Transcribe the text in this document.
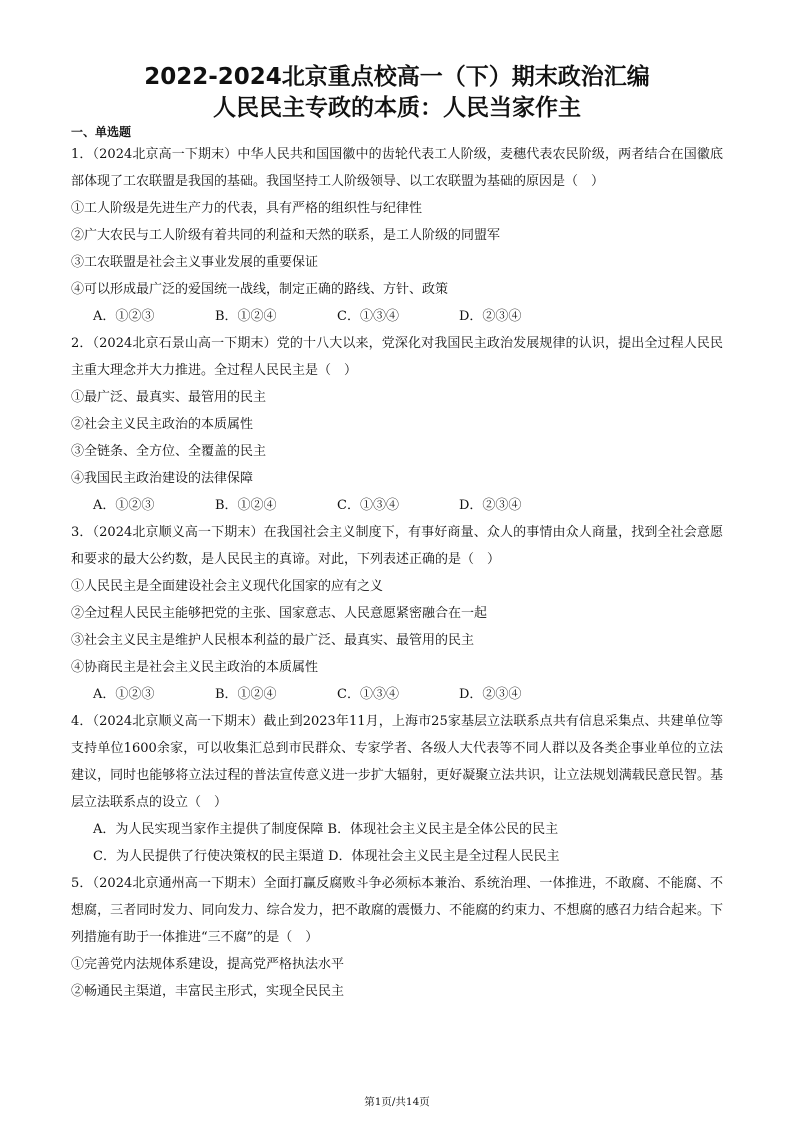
2022-2024北京重点校高一（下）期末政治汇编
人民民主专政的本质：人民当家作主
一、单选题
1．（2024北京高一下期末）中华人民共和国国徽中的齿轮代表工人阶级，麦穗代表农民阶级，两者结合在国徽底部体现了工农联盟是我国的基础。我国坚持工人阶级领导、以工农联盟为基础的原因是（　）
①工人阶级是先进生产力的代表，具有严格的组织性与纪律性
②广大农民与工人阶级有着共同的利益和天然的联系，是工人阶级的同盟军
③工农联盟是社会主义事业发展的重要保证
④可以形成最广泛的爱国统一战线，制定正确的路线、方针、政策
A．①②③	B．①②④	C．①③④	D．②③④
2．（2024北京石景山高一下期末）党的十八大以来，党深化对我国民主政治发展规律的认识，提出全过程人民民主重大理念并大力推进。全过程人民民主是（　）
①最广泛、最真实、最管用的民主
②社会主义民主政治的本质属性
③全链条、全方位、全覆盖的民主
④我国民主政治建设的法律保障
A．①②③	B．①②④	C．①③④	D．②③④
3．（2024北京顺义高一下期末）在我国社会主义制度下，有事好商量、众人的事情由众人商量，找到全社会意愿和要求的最大公约数，是人民民主的真谛。对此，下列表述正确的是（　）
①人民民主是全面建设社会主义现代化国家的应有之义
②全过程人民民主能够把党的主张、国家意志、人民意愿紧密融合在一起
③社会主义民主是维护人民根本利益的最广泛、最真实、最管用的民主
④协商民主是社会主义民主政治的本质属性
A．①②③	B．①②④	C．①③④	D．②③④
4．（2024北京顺义高一下期末）截止到2023年11月，上海市25家基层立法联系点共有信息采集点、共建单位等支持单位1600余家，可以收集汇总到市民群众、专家学者、各级人大代表等不同人群以及各类企事业单位的立法建议，同时也能够将立法过程的普法宣传意义进一步扩大辐射，更好凝聚立法共识，让立法规划满载民意民智。基层立法联系点的设立（　）
A．为人民实现当家作主提供了制度保障 B．体现社会主义民主是全体公民的民主
C．为人民提供了行使决策权的民主渠道 D．体现社会主义民主是全过程人民民主
5．（2024北京通州高一下期末）全面打赢反腐败斗争必须标本兼治、系统治理、一体推进，不敢腐、不能腐、不想腐，三者同时发力、同向发力、综合发力，把不敢腐的震慑力、不能腐的约束力、不想腐的感召力结合起来。下列措施有助于一体推进“三不腐”的是（　）
①完善党内法规体系建设，提高党严格执法水平
②畅通民主渠道，丰富民主形式，实现全民民主
第1页/共14页
